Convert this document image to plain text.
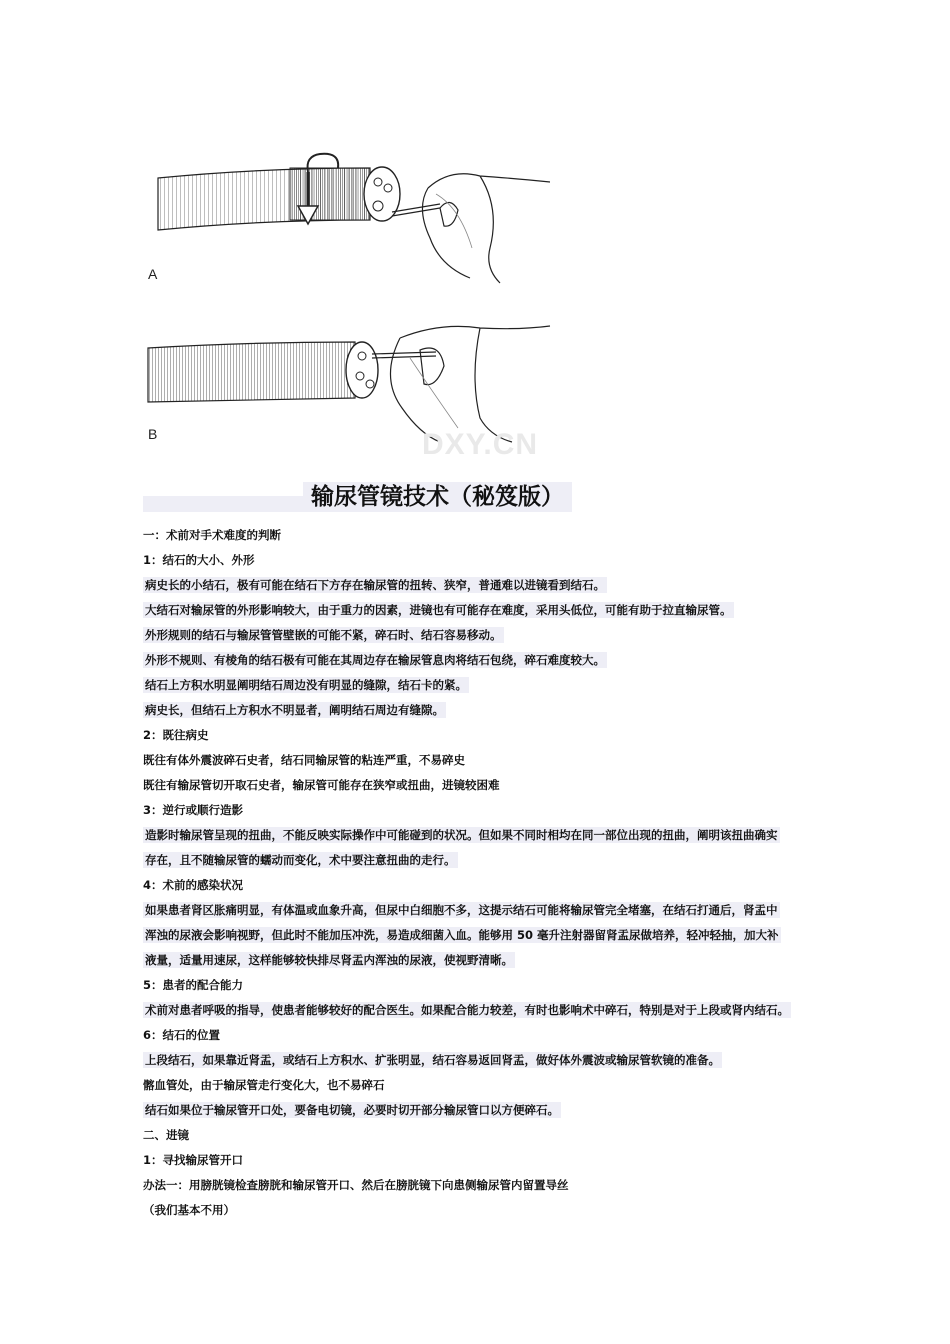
A
B	DXY.CN
输尿管镜技术（秘笈版）
一：术前对手术难度的判断
1：结石的大小、外形
病史长的小结石，极有可能在结石下方存在输尿管的扭转、狭窄，普通难以进镜看到结石。
大结石对输尿管的外形影响较大，由于重力的因素，进镜也有可能存在难度，采用头低位，可能有助于拉直输尿管。
外形规则的结石与输尿管管壁嵌的可能不紧，碎石时、结石容易移动。
外形不规则、有棱角的结石极有可能在其周边存在输尿管息肉将结石包绕，碎石难度较大。
结石上方积水明显阐明结石周边没有明显的缝隙，结石卡的紧。
病史长，但结石上方积水不明显者，阐明结石周边有缝隙。
2：既往病史
既往有体外震波碎石史者，结石同输尿管的粘连严重，不易碎史
既往有输尿管切开取石史者，输尿管可能存在狭窄或扭曲，进镜较困难
3：逆行或顺行造影
造影时输尿管呈现的扭曲，不能反映实际操作中可能碰到的状况。但如果不同时相均在同一部位出现的扭曲，阐明该扭曲确实
存在，且不随输尿管的蠕动而变化，术中要注意扭曲的走行。
4：术前的感染状况
如果患者肾区胀痛明显，有体温或血象升高，但尿中白细胞不多，这提示结石可能将输尿管完全堵塞，在结石打通后，肾盂中
浑浊的尿液会影响视野，但此时不能加压冲洗，易造成细菌入血。能够用 50 毫升注射器留肾盂尿做培养，轻冲轻抽，加大补
液量，适量用速尿，这样能够较快排尽肾盂内浑浊的尿液，使视野清晰。
5：患者的配合能力
术前对患者呼吸的指导，使患者能够较好的配合医生。如果配合能力较差，有时也影响术中碎石，特别是对于上段或肾内结石。
6：结石的位置
上段结石，如果靠近肾盂，或结石上方积水、扩张明显，结石容易返回肾盂，做好体外震波或输尿管软镜的准备。
髂血管处，由于输尿管走行变化大，也不易碎石
结石如果位于输尿管开口处，要备电切镜，必要时切开部分输尿管口以方便碎石。
二、进镜
1：寻找输尿管开口
办法一：用膀胱镜检查膀胱和输尿管开口、然后在膀胱镜下向患侧输尿管内留置导丝
（我们基本不用）
